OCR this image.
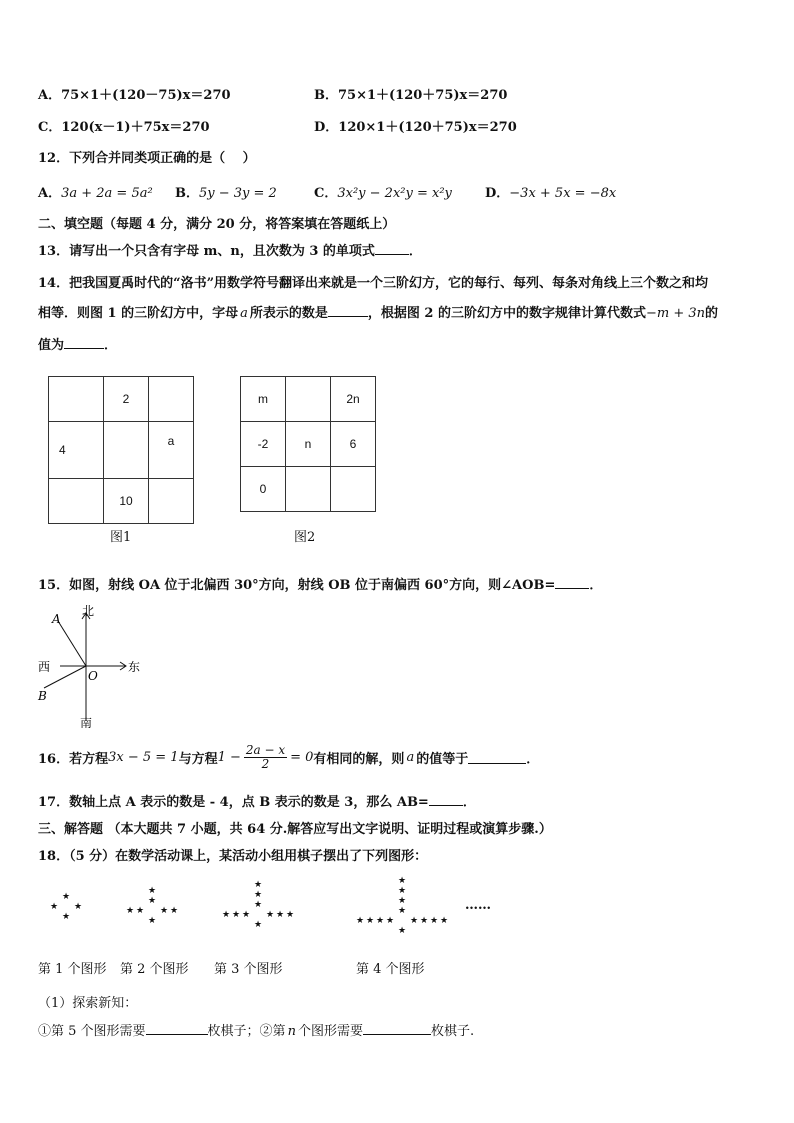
A．75×1＋(120－75)x＝270	B．75×1＋(120＋75)x＝270
C．120(x－1)＋75x＝270	D．120×1＋(120＋75)x＝270
12．下列合并同类项正确的是（　 ）
A．3a + 2a = 5a² B．5y − 3y = 2	C．3x²y − 2x²y = x²y	D．−3x + 5x = −8x
二、填空题（每题 4 分，满分 20 分，将答案填在答题纸上）
13．请写出一个只含有字母 m、n，且次数为 3 的单项式	．
14．把我国夏禹时代的“洛书”用数学符号翻译出来就是一个三阶幻方，它的每行、每列、每条对角线上三个数之和均
相等．则图 1 的三阶幻方中，字母 a 所表示的数是	，根据图 2 的三阶幻方中的数字规律计算代数式−m + 3n的
值为	．
	2	
4		a
	10	
图1
m		2n
-2	n	6
0		
图2
15．如图，射线 OA 位于北偏西 30°方向，射线 OB 位于南偏西 60°方向，则∠AOB=	．
北
南
东
西
A
B
O
16．若方程 3x − 5 = 1 与方程 $1 - \frac{2a - x}{2} = 0$ 有相同的解，则 a 的值等于	．
17．数轴上点 A 表示的数是 - 4，点 B 表示的数是 3，那么 AB=	．
三、解答题 （本大题共 7 小题，共 64 分.解答应写出文字说明、证明过程或演算步骤.）
18．（5 分）在数学活动课上，某活动小组用棋子摆出了下列图形：
★
★ ★
★
★
★
★
★	★ ★
★
★
★
★
★
★
★	★ ★ ★
★
★
★
★
★
★
★
★
★	★ ★ ★ ★
★
……
第 1 个图形 第 2 个图形 第 3 个图形	第 4 个图形
（1）探索新知：
①第 5 个图形需要	枚棋子；②第 n 个图形需要	枚棋子.
